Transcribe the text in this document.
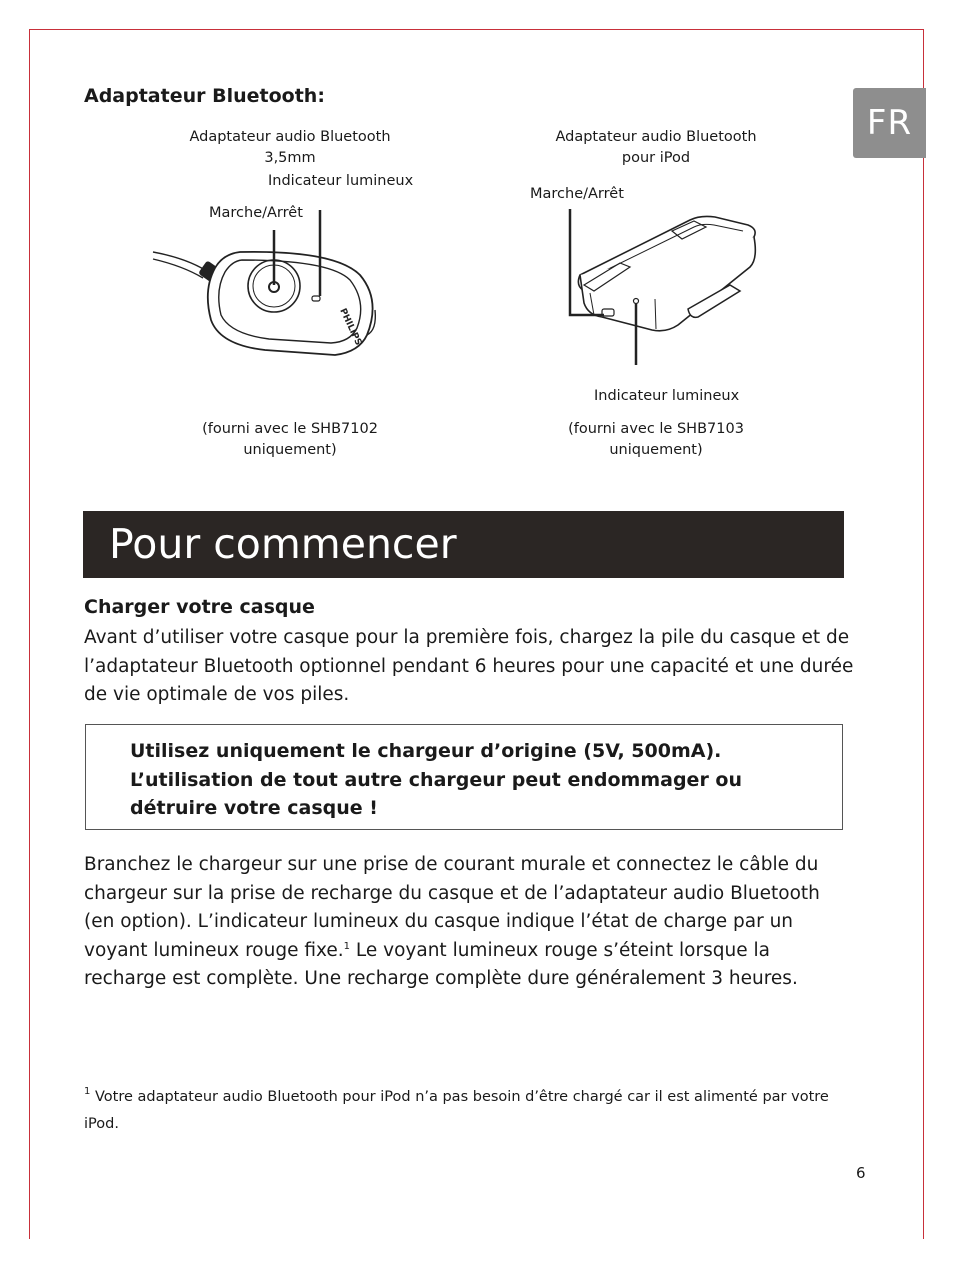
FR
Adaptateur Bluetooth:
Adaptateur audio Bluetooth
3,5mm
Indicateur lumineux
Marche/Arrêt
PHILIPS
(fourni avec le SHB7102
uniquement)
Adaptateur audio Bluetooth
pour iPod
Marche/Arrêt
Indicateur lumineux
(fourni avec le SHB7103
uniquement)
Pour commencer
Charger votre casque

Avant d’utiliser votre casque pour la première fois, chargez la pile du casque et de l’adaptateur Bluetooth optionnel pendant 6 heures pour une capacité et une durée de vie optimale de vos piles.

Utilisez uniquement le chargeur d’origine (5V, 500mA).
L’utilisation de tout autre chargeur peut endommager ou
détruire votre casque !

Branchez le chargeur sur une prise de courant murale et connectez le câble du chargeur sur la prise de recharge du casque et de l’adaptateur audio Bluetooth (en option). L’indicateur lumineux du casque indique l’état de charge par un voyant lumineux rouge fixe.$^1$ Le voyant lumineux rouge s’éteint lorsque la recharge est complète. Une recharge complète dure généralement 3 heures.

$^1$ Votre adaptateur audio Bluetooth pour iPod n’a pas besoin d’être chargé car il est alimenté par votre iPod.

6
